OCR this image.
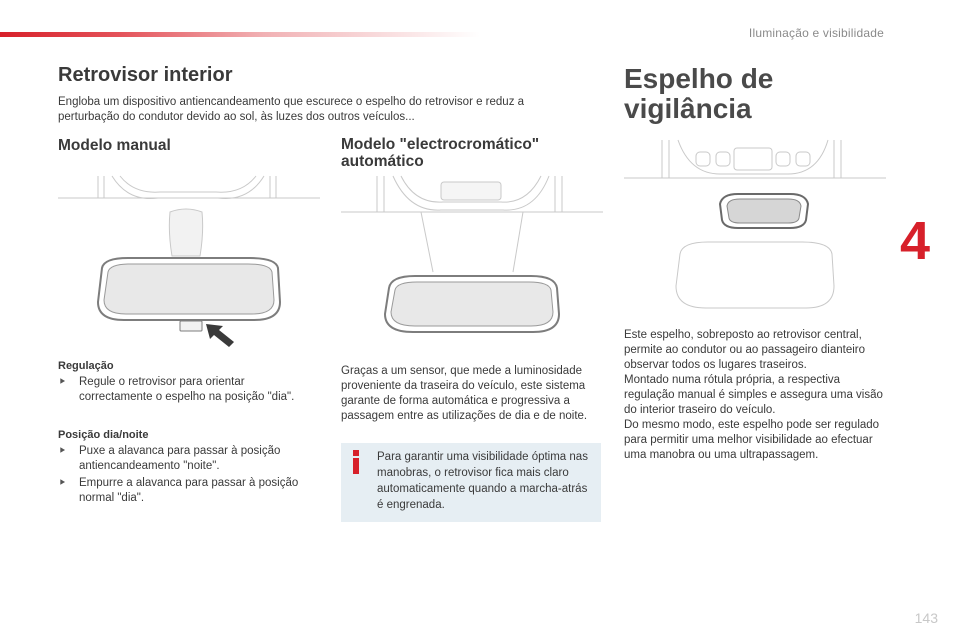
Iluminação e visibilidade
4
143
Retrovisor interior

Engloba um dispositivo antiencandeamento que escurece o espelho do retrovisor e reduz a perturbação do condutor devido ao sol, às luzes dos outros veículos...

Modelo manual	Modelo "electrocromático" automático
Espelho de vigilância
Regulação
⯈ Regule o retrovisor para orientar correctamente o espelho na posição "dia".
Posição dia/noite
⯈ Puxe a alavanca para passar à posição antiencandeamento "noite".
⯈ Empurre a alavanca para passar à posição normal "dia".

Graças a um sensor, que mede a luminosidade proveniente da traseira do veículo, este sistema garante de forma automática e progressiva a passagem entre as utilizações de dia e de noite.

Para garantir uma visibilidade óptima nas manobras, o retrovisor fica mais claro automaticamente quando a marcha-atrás é engrenada.

Este espelho, sobreposto ao retrovisor central, permite ao condutor ou ao passageiro dianteiro observar todos os lugares traseiros.

Montado numa rótula própria, a respectiva regulação manual é simples e assegura uma visão do interior traseiro do veículo.

Do mesmo modo, este espelho pode ser regulado para permitir uma melhor visibilidade ao efectuar uma manobra ou uma ultrapassagem.
